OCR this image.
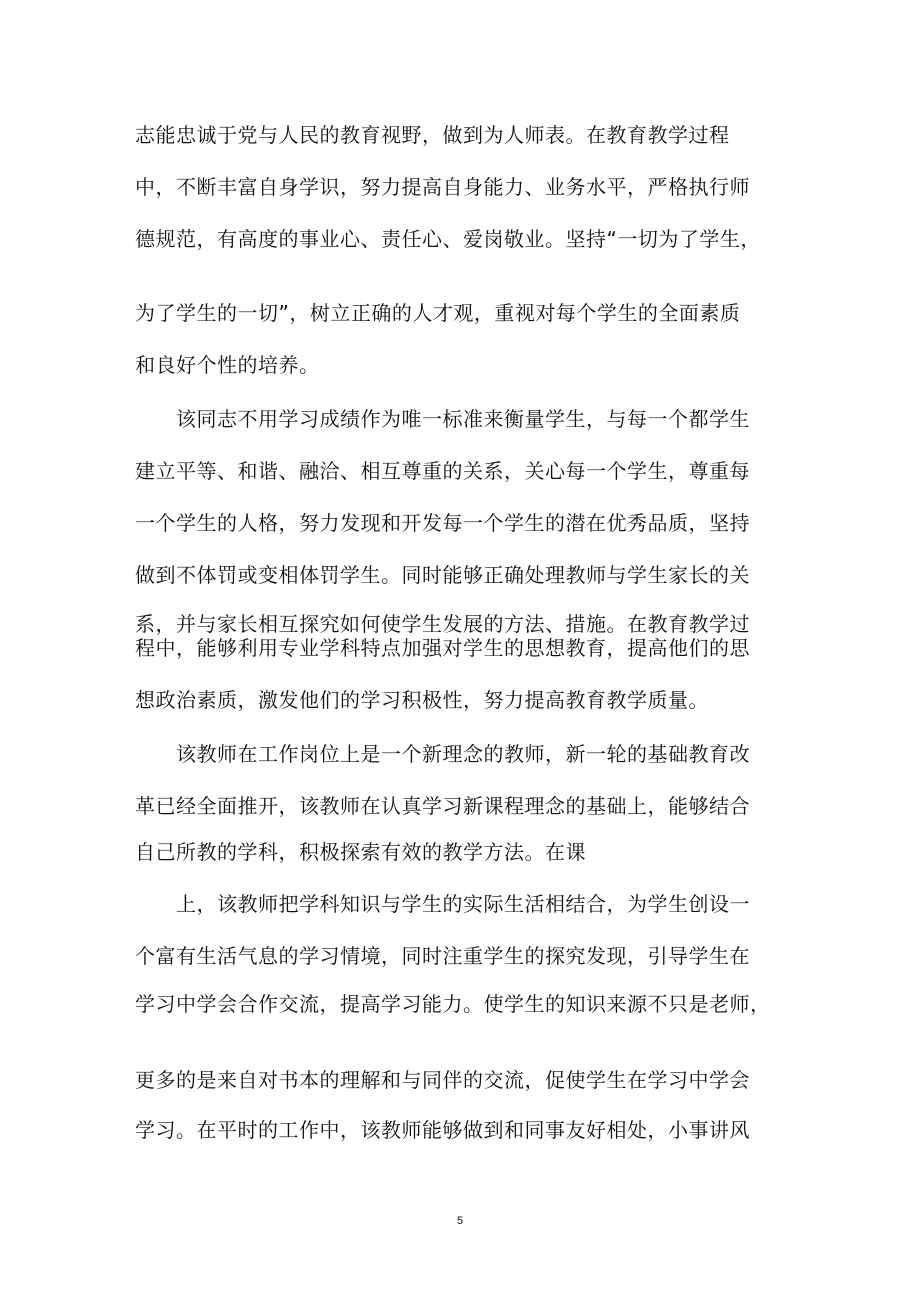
志能忠诚于党与人民的教育视野，做到为人师表。在教育教学过程
中，不断丰富自身学识，努力提高自身能力、业务水平，严格执行师
德规范，有高度的事业心、责任心、爱岗敬业。坚持“一切为了学生，
为了学生的一切”，树立正确的人才观，重视对每个学生的全面素质
和良好个性的培养。
该同志不用学习成绩作为唯一标准来衡量学生，与每一个都学生
建立平等、和谐、融洽、相互尊重的关系，关心每一个学生，尊重每
一个学生的人格，努力发现和开发每一个学生的潜在优秀品质，坚持
做到不体罚或变相体罚学生。同时能够正确处理教师与学生家长的关
系，并与家长相互探究如何使学生发展的方法、措施。在教育教学过
程中，能够利用专业学科特点加强对学生的思想教育，提高他们的思
想政治素质，激发他们的学习积极性，努力提高教育教学质量。
该教师在工作岗位上是一个新理念的教师，新一轮的基础教育改
革已经全面推开，该教师在认真学习新课程理念的基础上，能够结合
自己所教的学科，积极探索有效的教学方法。在课
上，该教师把学科知识与学生的实际生活相结合，为学生创设一
个富有生活气息的学习情境，同时注重学生的探究发现，引导学生在
学习中学会合作交流，提高学习能力。使学生的知识来源不只是老师，
更多的是来自对书本的理解和与同伴的交流，促使学生在学习中学会
学习。在平时的工作中，该教师能够做到和同事友好相处，小事讲风
5
